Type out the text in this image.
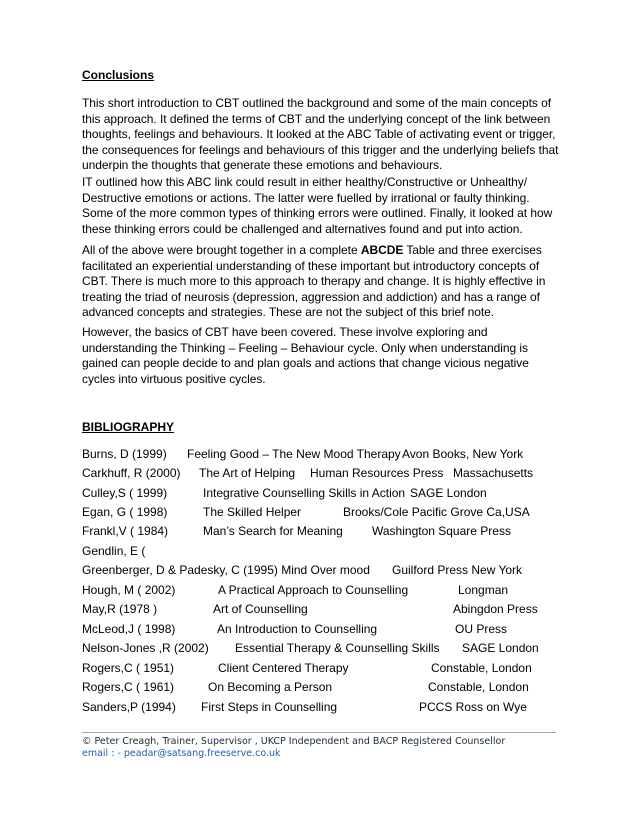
Conclusions

This short introduction to CBT outlined the background and some of the main concepts of
this approach. It defined the terms of CBT and the underlying concept of the link between
thoughts, feelings and behaviours. It looked at the ABC Table of activating event or trigger,
the consequences for feelings and behaviours of this trigger and the underlying beliefs that
underpin the thoughts that generate these emotions and behaviours.

IT outlined how this ABC link could result in either healthy/Constructive or Unhealthy/
Destructive emotions or actions. The latter were fuelled by irrational or faulty thinking.
Some of the more common types of thinking errors were outlined. Finally, it looked at how
these thinking errors could be challenged and alternatives found and put into action.

All of the above were brought together in a complete ABCDE Table and three exercises
facilitated an experiential understanding of these important but introductory concepts of
CBT. There is much more to this approach to therapy and change. It is highly effective in
treating the triad of neurosis (depression, aggression and addiction) and has a range of
advanced concepts and strategies. These are not the subject of this brief note.

However, the basics of CBT have been covered. These involve exploring and
understanding the Thinking – Feeling – Behaviour cycle. Only when understanding is
gained can people decide to and plan goals and actions that change vicious negative
cycles into virtuous positive cycles.

BIBLIOGRAPHY
Burns, D (1999) Feeling Good – The New Mood Therapy Avon Books, New York
Carkhuff, R (2000) The Art of Helping Human Resources Press Massachusetts
Culley,S ( 1999)	Integrative Counselling Skills in Action SAGE London
Egan, G ( 1998)	The Skilled Helper	Brooks/Cole Pacific Grove Ca,USA
Frankl,V ( 1984)	Man’s Search for Meaning Washington Square Press
Gendlin, E (
Greenberger, D & Padesky, C (1995) Mind Over mood Guilford Press New York
Hough, M ( 2002)	A Practical Approach to Counselling	Longman
May,R (1978 )	Art of Counselling	Abingdon Press
McLeod,J ( 1998)	An Introduction to Counselling	OU Press
Nelson-Jones ,R (2002) Essential Therapy & Counselling Skills SAGE London
Rogers,C ( 1951)	Client Centered Therapy	Constable, London
Rogers,C ( 1961)	On Becoming a Person	Constable, London
Sanders,P (1994) First Steps in Counselling	PCCS Ross on Wye
© Peter Creagh, Trainer, Supervisor , UKCP Independent and BACP Registered Counsellor
email : - peadar@satsang.freeserve.co.uk
